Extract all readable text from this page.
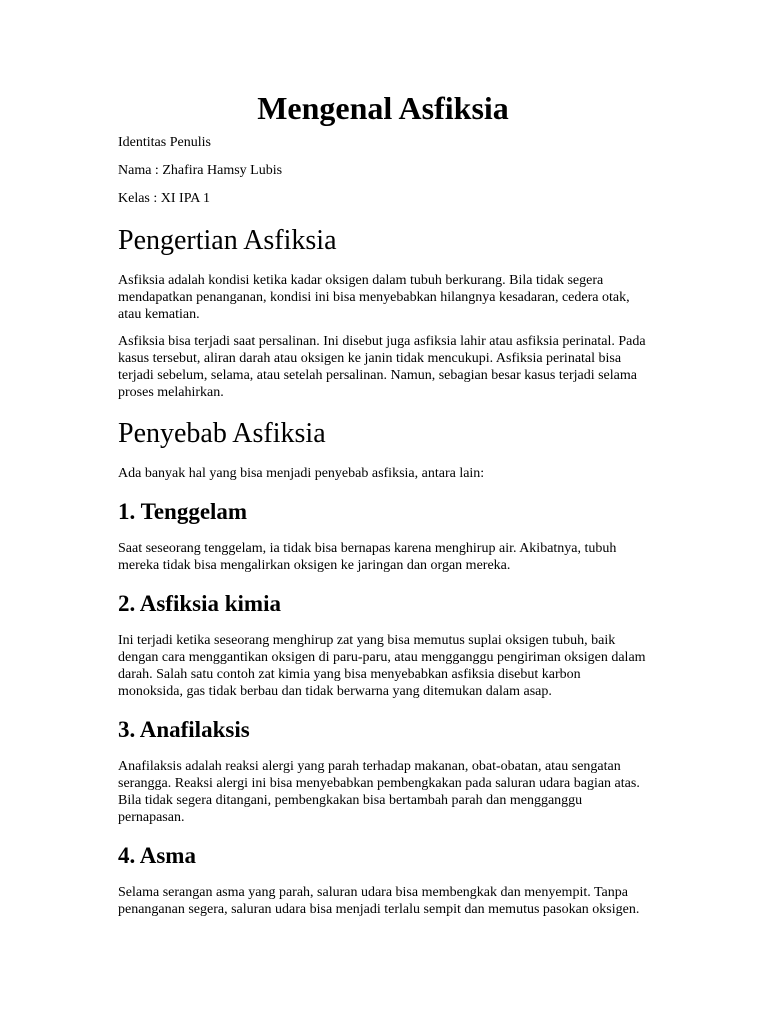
Mengenal Asfiksia
Identitas Penulis
Nama : Zhafira Hamsy Lubis
Kelas : XI IPA 1
Pengertian Asfiksia

Asfiksia adalah kondisi ketika kadar oksigen dalam tubuh berkurang. Bila tidak segera mendapatkan penanganan, kondisi ini bisa menyebabkan hilangnya kesadaran, cedera otak, atau kematian.

Asfiksia bisa terjadi saat persalinan. Ini disebut juga asfiksia lahir atau asfiksia perinatal. Pada kasus tersebut, aliran darah atau oksigen ke janin tidak mencukupi. Asfiksia perinatal bisa terjadi sebelum, selama, atau setelah persalinan. Namun, sebagian besar kasus terjadi selama proses melahirkan.

Penyebab Asfiksia

Ada banyak hal yang bisa menjadi penyebab asfiksia, antara lain:

1. Tenggelam

Saat seseorang tenggelam, ia tidak bisa bernapas karena menghirup air. Akibatnya, tubuh mereka tidak bisa mengalirkan oksigen ke jaringan dan organ mereka.

2. Asfiksia kimia

Ini terjadi ketika seseorang menghirup zat yang bisa memutus suplai oksigen tubuh, baik dengan cara menggantikan oksigen di paru-paru, atau mengganggu pengiriman oksigen dalam darah. Salah satu contoh zat kimia yang bisa menyebabkan asfiksia disebut karbon monoksida, gas tidak berbau dan tidak berwarna yang ditemukan dalam asap.

3. Anafilaksis

Anafilaksis adalah reaksi alergi yang parah terhadap makanan, obat-obatan, atau sengatan serangga. Reaksi alergi ini bisa menyebabkan pembengkakan pada saluran udara bagian atas. Bila tidak segera ditangani, pembengkakan bisa bertambah parah dan mengganggu pernapasan.

4. Asma

Selama serangan asma yang parah, saluran udara bisa membengkak dan menyempit. Tanpa penanganan segera, saluran udara bisa menjadi terlalu sempit dan memutus pasokan oksigen.
